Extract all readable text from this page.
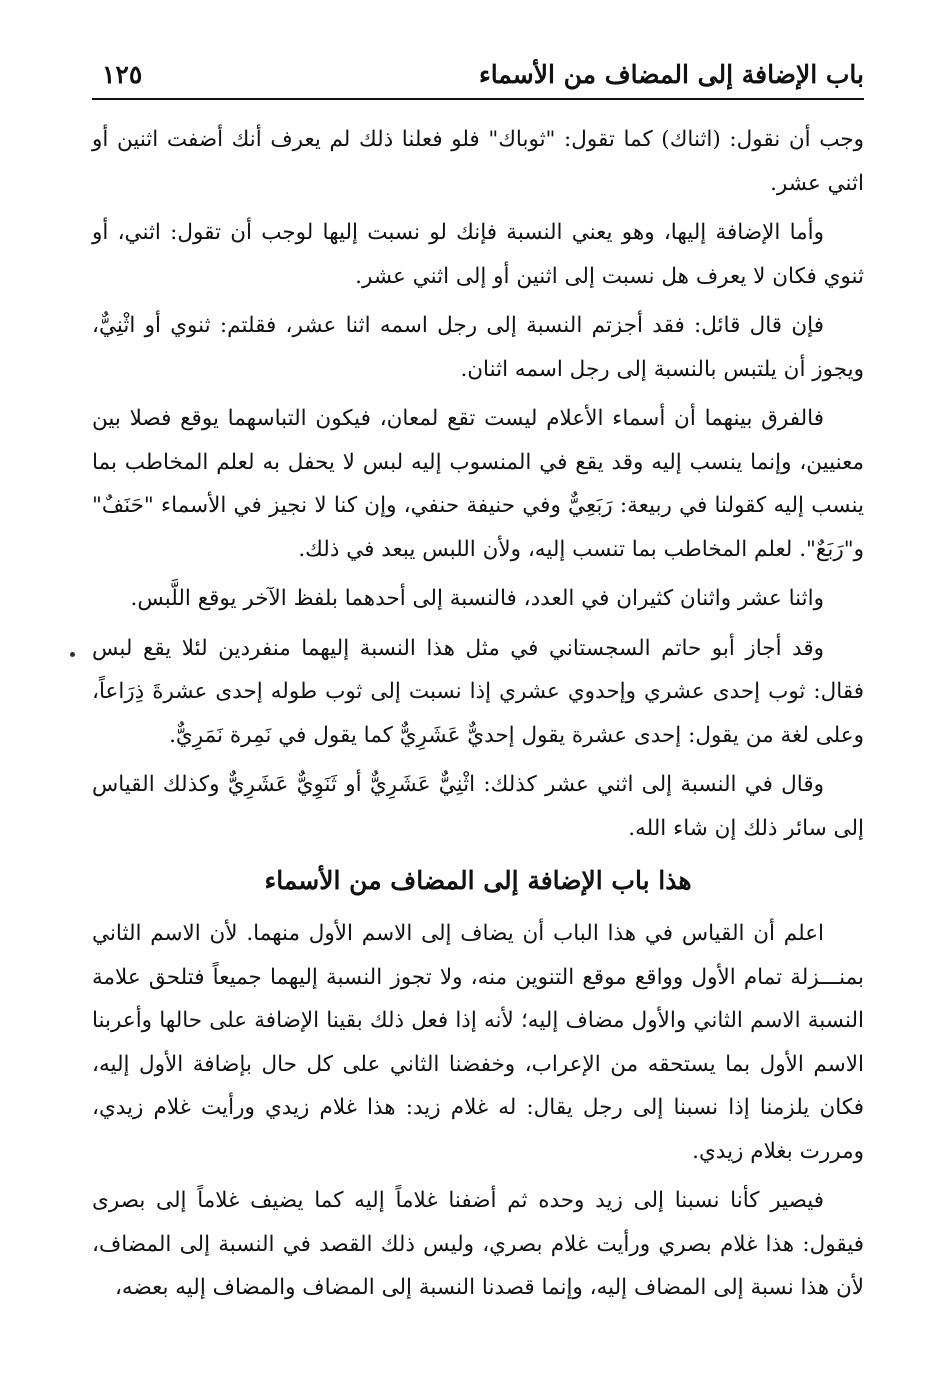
باب الإضافة إلى المضاف من الأسماء
١٢٥

وجب أن نقول: (اثناك) كما تقول: "ثوباك" فلو فعلنا ذلك لم يعرف أنك أضفت اثنين أو اثني عشر.

وأما الإضافة إليها، وهو يعني النسبة فإنك لو نسبت إليها لوجب أن تقول: اثني، أو ثنوي فكان لا يعرف هل نسبت إلى اثنين أو إلى اثني عشر.

فإن قال قائل: فقد أجزتم النسبة إلى رجل اسمه اثنا عشر، فقلتم: ثنوي أو اثْنِيٌّ، ويجوز أن يلتبس بالنسبة إلى رجل اسمه اثنان.

فالفرق بينهما أن أسماء الأعلام ليست تقع لمعان، فيكون التباسهما يوقع فصلا بين معنيين، وإنما ينسب إليه وقد يقع في المنسوب إليه لبس لا يحفل به لعلم المخاطب بما ينسب إليه كقولنا في ربيعة: رَبَعِيٌّ وفي حنيفة حنفي، وإن كنا لا نجيز في الأسماء "حَنَفٌ" و"رَبَعٌ". لعلم المخاطب بما تنسب إليه، ولأن اللبس يبعد في ذلك.

واثنا عشر واثنان كثيران في العدد، فالنسبة إلى أحدهما بلفظ الآخر يوقع اللَّبس.

وقد أجاز أبو حاتم السجستاني في مثل هذا النسبة إليهما منفردين لئلا يقع لبس فقال: ثوب إحدى عشري وإحدوي عشري إذا نسبت إلى ثوب طوله إحدى عشرةَ ذِرَاعاً، وعلى لغة من يقول: إحدى عشرة يقول إحديٌّ عَشَرِيٌّ كما يقول في نَمِرة نَمَرِيٌّ.

وقال في النسبة إلى اثني عشر كذلك: اثْنِيٌّ عَشَرِيٌّ أو ثَنَوِيٌّ عَشَرِيٌّ وكذلك القياس إلى سائر ذلك إن شاء الله.

هذا باب الإضافة إلى المضاف من الأسماء

اعلم أن القياس في هذا الباب أن يضاف إلى الاسم الأول منهما. لأن الاسم الثاني بمنـــزلة تمام الأول وواقع موقع التنوين منه، ولا تجوز النسبة إليهما جميعاً فتلحق علامة النسبة الاسم الثاني والأول مضاف إليه؛ لأنه إذا فعل ذلك بقينا الإضافة على حالها وأعربنا الاسم الأول بما يستحقه من الإعراب، وخفضنا الثاني على كل حال بإضافة الأول إليه، فكان يلزمنا إذا نسبنا إلى رجل يقال: له غلام زيد: هذا غلام زيدي ورأيت غلام زيدي، ومررت بغلام زيدي.

فيصير كأنا نسبنا إلى زيد وحده ثم أضفنا غلاماً إليه كما يضيف غلاماً إلى بصرى فيقول: هذا غلام بصري ورأيت غلام بصري، وليس ذلك القصد في النسبة إلى المضاف، لأن هذا نسبة إلى المضاف إليه، وإنما قصدنا النسبة إلى المضاف والمضاف إليه بعضه،
